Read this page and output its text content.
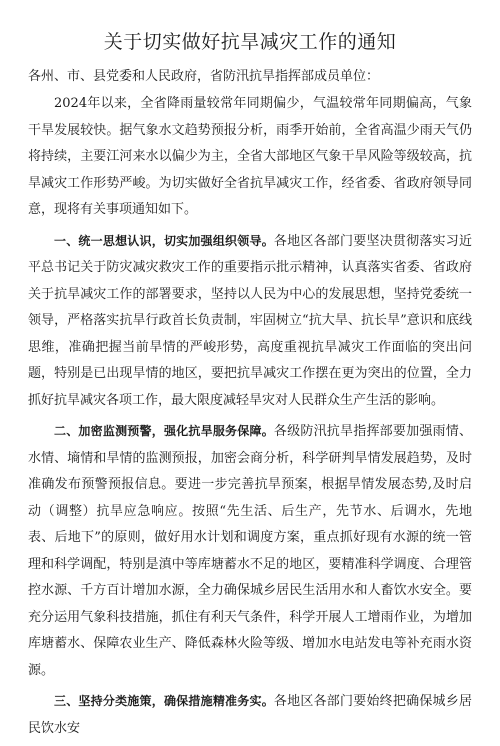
关于切实做好抗旱减灾工作的通知

各州、市、县党委和人民政府，省防汛抗旱指挥部成员单位：

2024年以来，全省降雨量较常年同期偏少，气温较常年同期偏高，气象干旱发展较快。据气象水文趋势预报分析，雨季开始前，全省高温少雨天气仍将持续，主要江河来水以偏少为主，全省大部地区气象干旱风险等级较高，抗旱减灾工作形势严峻。为切实做好全省抗旱减灾工作，经省委、省政府领导同意，现将有关事项通知如下。

一、统一思想认识，切实加强组织领导。各地区各部门要坚决贯彻落实习近平总书记关于防灾减灾救灾工作的重要指示批示精神，认真落实省委、省政府关于抗旱减灾工作的部署要求，坚持以人民为中心的发展思想，坚持党委统一领导，严格落实抗旱行政首长负责制，牢固树立“抗大旱、抗长旱”意识和底线思维，准确把握当前旱情的严峻形势，高度重视抗旱减灾工作面临的突出问题，特别是已出现旱情的地区，要把抗旱减灾工作摆在更为突出的位置，全力抓好抗旱减灾各项工作，最大限度减轻旱灾对人民群众生产生活的影响。

二、加密监测预警，强化抗旱服务保障。各级防汛抗旱指挥部要加强雨情、水情、墒情和旱情的监测预报，加密会商分析，科学研判旱情发展趋势，及时准确发布预警预报信息。要进一步完善抗旱预案，根据旱情发展态势,及时启动（调整）抗旱应急响应。按照“先生活、后生产，先节水、后调水，先地表、后地下”的原则，做好用水计划和调度方案，重点抓好现有水源的统一管理和科学调配，特别是滇中等库塘蓄水不足的地区，要精准科学调度、合理管控水源、千方百计增加水源，全力确保城乡居民生活用水和人畜饮水安全。要充分运用气象科技措施，抓住有利天气条件，科学开展人工增雨作业，为增加库塘蓄水、保障农业生产、降低森林火险等级、增加水电站发电等补充雨水资源。

三、坚持分类施策，确保措施精准务实。各地区各部门要始终把确保城乡居民饮水安
